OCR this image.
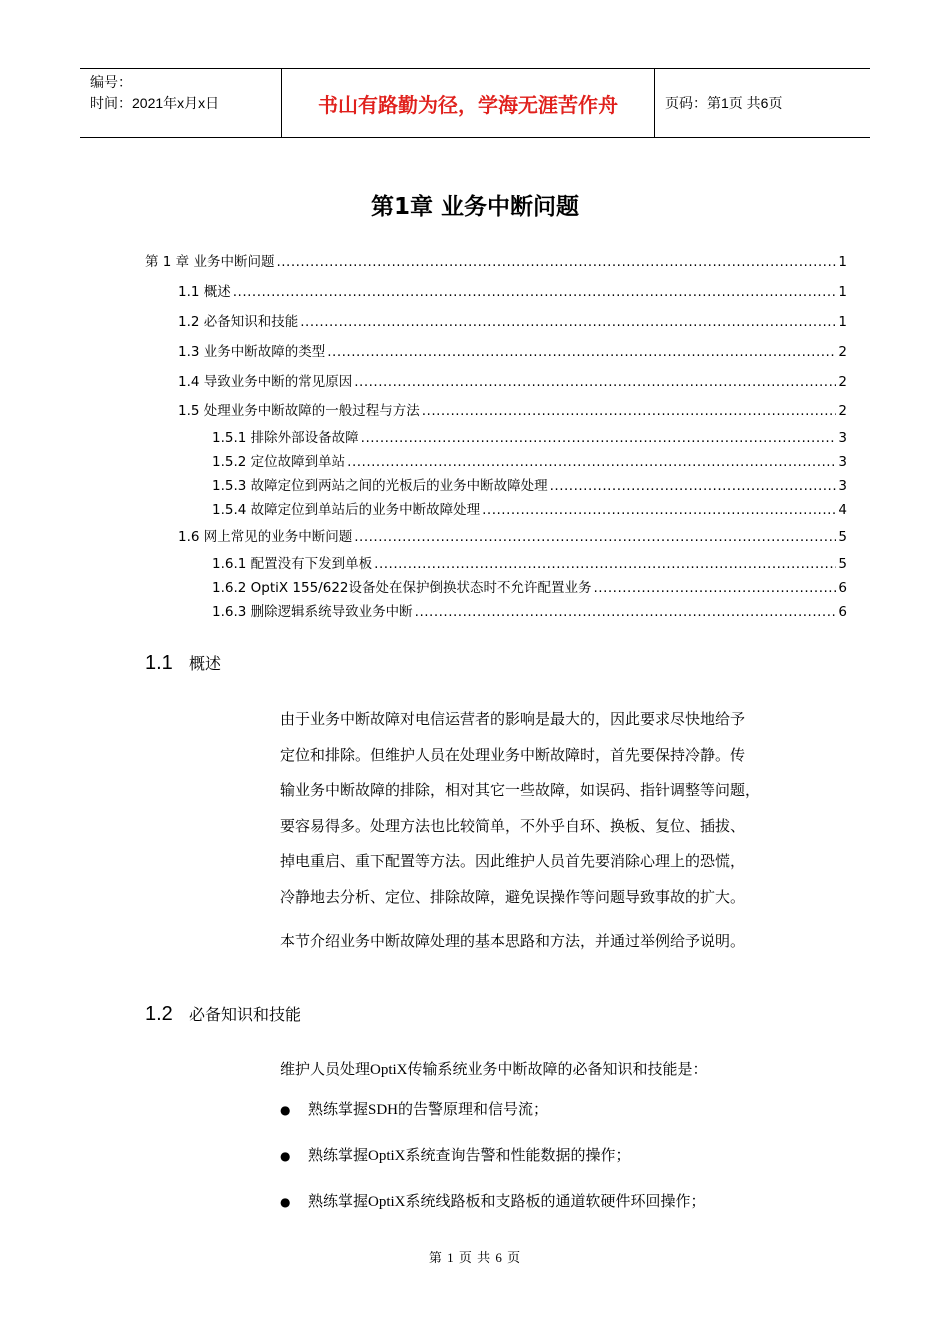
编号：
时间：2021年x月x日	书山有路勤为径，学海无涯苦作舟	页码：第1页 共6页
第1章 业务中断问题
第 1 章 业务中断问题 .....	1
1.1 概述 .....	1
1.2 必备知识和技能 .....	1
1.3 业务中断故障的类型 .....	2
1.4 导致业务中断的常见原因 .....	2
1.5 处理业务中断故障的一般过程与方法 .....	2
1.5.1 排除外部设备故障 .....	3
1.5.2 定位故障到单站 .....	3
1.5.3 故障定位到两站之间的光板后的业务中断故障处理 .....	3
1.5.4 故障定位到单站后的业务中断故障处理 .....	4
1.6 网上常见的业务中断问题 .....	5
1.6.1 配置没有下发到单板 .....	5
1.6.2 OptiX 155/622设备处在保护倒换状态时不允许配置业务 .....	6
1.6.3 删除逻辑系统导致业务中断 .....	6
1.1	概述

由于业务中断故障对电信运营者的影响是最大的，因此要求尽快地给予

定位和排除。但维护人员在处理业务中断故障时，首先要保持冷静。传

输业务中断故障的排除，相对其它一些故障，如误码、指针调整等问题，

要容易得多。处理方法也比较简单，不外乎自环、换板、复位、插拔、

掉电重启、重下配置等方法。因此维护人员首先要消除心理上的恐慌，

冷静地去分析、定位、排除故障，避免误操作等问题导致事故的扩大。

本节介绍业务中断故障处理的基本思路和方法，并通过举例给予说明。

1.2	必备知识和技能
维护人员处理OptiX传输系统业务中断故障的必备知识和技能是：
●	熟练掌握SDH的告警原理和信号流；
●	熟练掌握OptiX系统查询告警和性能数据的操作；
●	熟练掌握OptiX系统线路板和支路板的通道软硬件环回操作；
第 1 页 共 6 页
